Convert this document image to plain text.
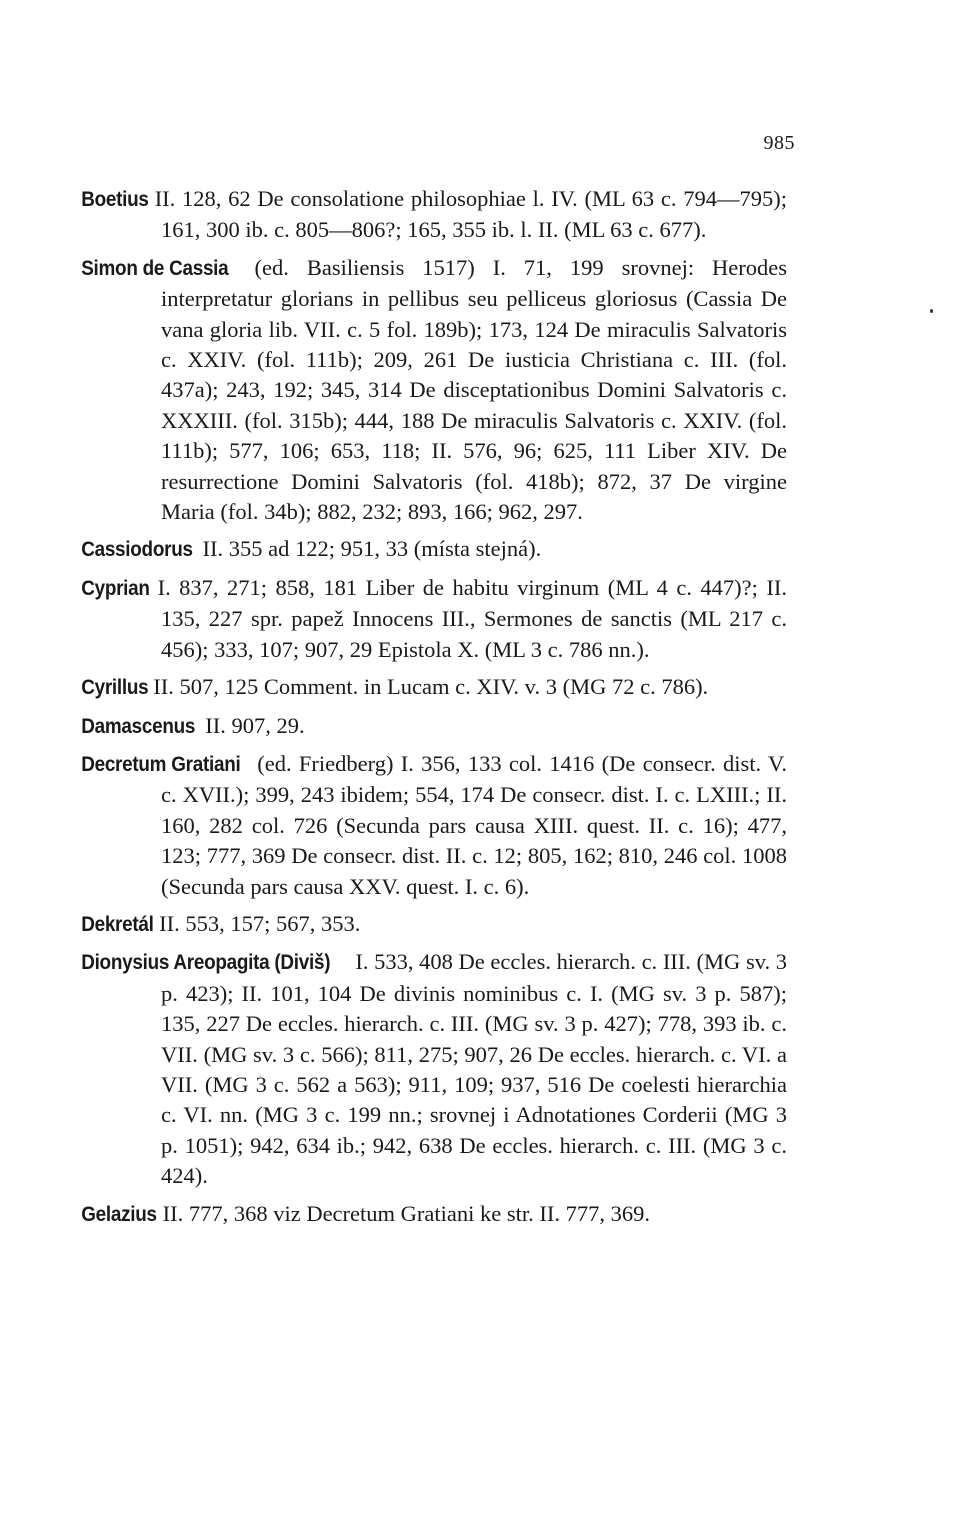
985

Boetius II. 128, 62 De consolatione philosophiae l. IV. (ML 63 c. 794—795); 161, 300 ib. c. 805—806?; 165, 355 ib. l. II. (ML 63 c. 677).

Simon de Cassia (ed. Basiliensis 1517) I. 71, 199 srovnej: Herodes interpretatur glorians in pellibus seu pelliceus gloriosus (Cassia De vana gloria lib. VII. c. 5 fol. 189b); 173, 124 De miraculis Salvatoris c. XXIV. (fol. 111b); 209, 261 De iusticia Christiana c. III. (fol. 437a); 243, 192; 345, 314 De disceptationibus Domini Salvatoris c. XXXIII. (fol. 315b); 444, 188 De miraculis Salvatoris c. XXIV. (fol. 111b); 577, 106; 653, 118; II. 576, 96; 625, 111 Liber XIV. De resurrectione Domini Salvatoris (fol. 418b); 872, 37 De virgine Maria (fol. 34b); 882, 232; 893, 166; 962, 297.

Cassiodorus II. 355 ad 122; 951, 33 (místa stejná).

Cyprian I. 837, 271; 858, 181 Liber de habitu virginum (ML 4 c. 447)?; II. 135, 227 spr. papež Innocens III., Sermones de sanctis (ML 217 c. 456); 333, 107; 907, 29 Epistola X. (ML 3 c. 786 nn.).

Cyrillus II. 507, 125 Comment. in Lucam c. XIV. v. 3 (MG 72 c. 786).

Damascenus II. 907, 29.

Decretum Gratiani (ed. Friedberg) I. 356, 133 col. 1416 (De consecr. dist. V. c. XVII.); 399, 243 ibidem; 554, 174 De consecr. dist. I. c. LXIII.; II. 160, 282 col. 726 (Secunda pars causa XIII. quest. II. c. 16); 477, 123; 777, 369 De consecr. dist. II. c. 12; 805, 162; 810, 246 col. 1008 (Secunda pars causa XXV. quest. I. c. 6).

Dekretál II. 553, 157; 567, 353.

Dionysius Areopagita (Diviš) I. 533, 408 De eccles. hierarch. c. III. (MG sv. 3 p. 423); II. 101, 104 De divinis nominibus c. I. (MG sv. 3 p. 587); 135, 227 De eccles. hierarch. c. III. (MG sv. 3 p. 427); 778, 393 ib. c. VII. (MG sv. 3 c. 566); 811, 275; 907, 26 De eccles. hierarch. c. VI. a VII. (MG 3 c. 562 a 563); 911, 109; 937, 516 De coelesti hierarchia c. VI. nn. (MG 3 c. 199 nn.; srovnej i Adnotationes Corderii (MG 3 p. 1051); 942, 634 ib.; 942, 638 De eccles. hierarch. c. III. (MG 3 c. 424).

Gelazius II. 777, 368 viz Decretum Gratiani ke str. II. 777, 369.
